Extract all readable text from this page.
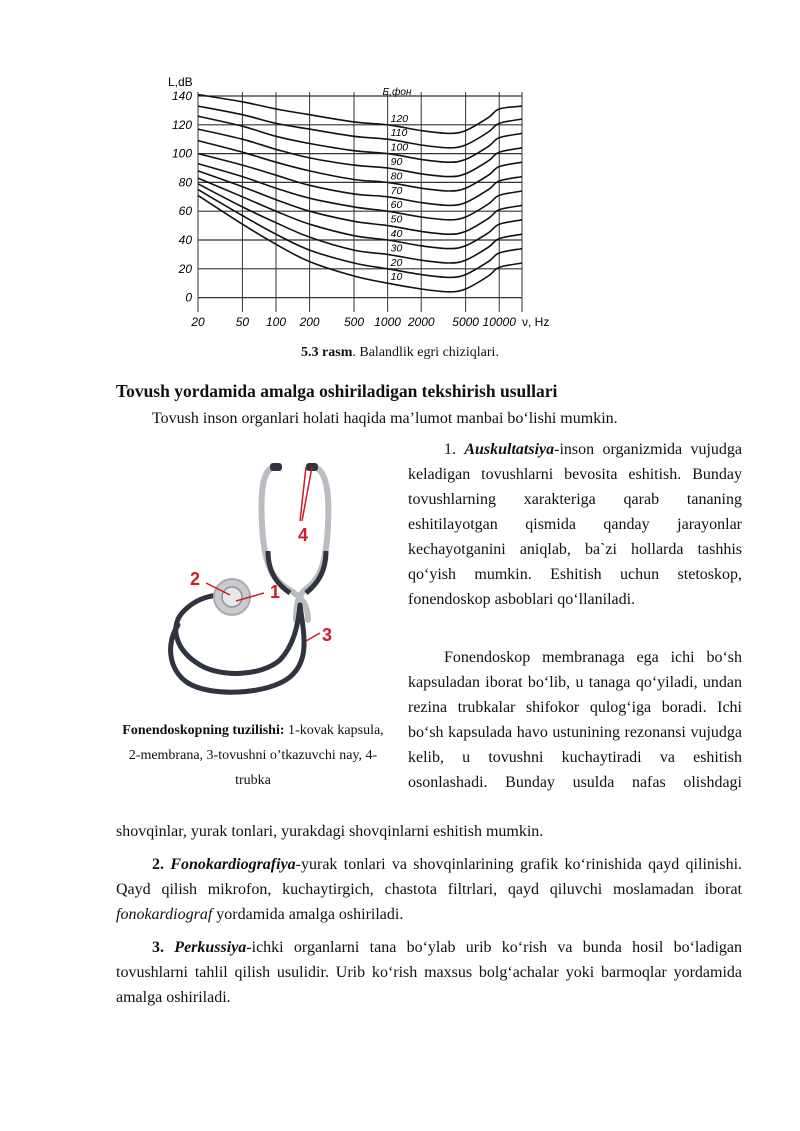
140
120
100
80
60
40
20
0
20	50 100 200 500 1000 2000 5000 10000
L,dB
ν, Hz
E,фон
120
110
100
90
80
70
60
50
40
30
20
10
5.3 rasm. Balandlik egri chiziqlari.
Tovush yordamida amalga oshiriladigan tekshirish usullari
Tovush inson organlari holati haqida ma’lumot manbai bo‘lishi mumkin.
4
2
1
3
Fonendoskopning tuzilishi: 1-kovak kapsula, 2-membrana, 3-tovushni o’tkazuvchi nay, 4-trubka

1. Auskultatsiya-inson organizmida vujudga keladigan tovushlarni bevosita eshitish. Bunday tovushlarning xarakteriga qarab tananing eshitilayotgan qismida qanday jarayonlar kechayotganini aniqlab, ba`zi hollarda tashhis qo‘yish mumkin. Eshitish uchun stetoskop, fonendoskop asboblari qo‘llaniladi.

Fonendoskop membranaga ega ichi bo‘sh kapsuladan iborat bo‘lib, u tanaga qo‘yiladi, undan rezina trubkalar shifokor qulog‘iga boradi. Ichi bo‘sh kapsulada havo ustunining rezonansi vujudga kelib, u tovushni kuchaytiradi va eshitish osonlashadi. Bunday usulda nafas olishdagi

shovqinlar, yurak tonlari, yurakdagi shovqinlarni eshitish mumkin.

2. Fonokardiografiya-yurak tonlari va shovqinlarining grafik ko‘rinishida qayd qilinishi. Qayd qilish mikrofon, kuchaytirgich, chastota filtrlari, qayd qiluvchi moslamadan iborat fonokardiograf yordamida amalga oshiriladi.

3. Perkussiya-ichki organlarni tana bo‘ylab urib ko‘rish va bunda hosil bo‘ladigan tovushlarni tahlil qilish usulidir. Urib ko‘rish maxsus bolg‘achalar yoki barmoqlar yordamida amalga oshiriladi.
